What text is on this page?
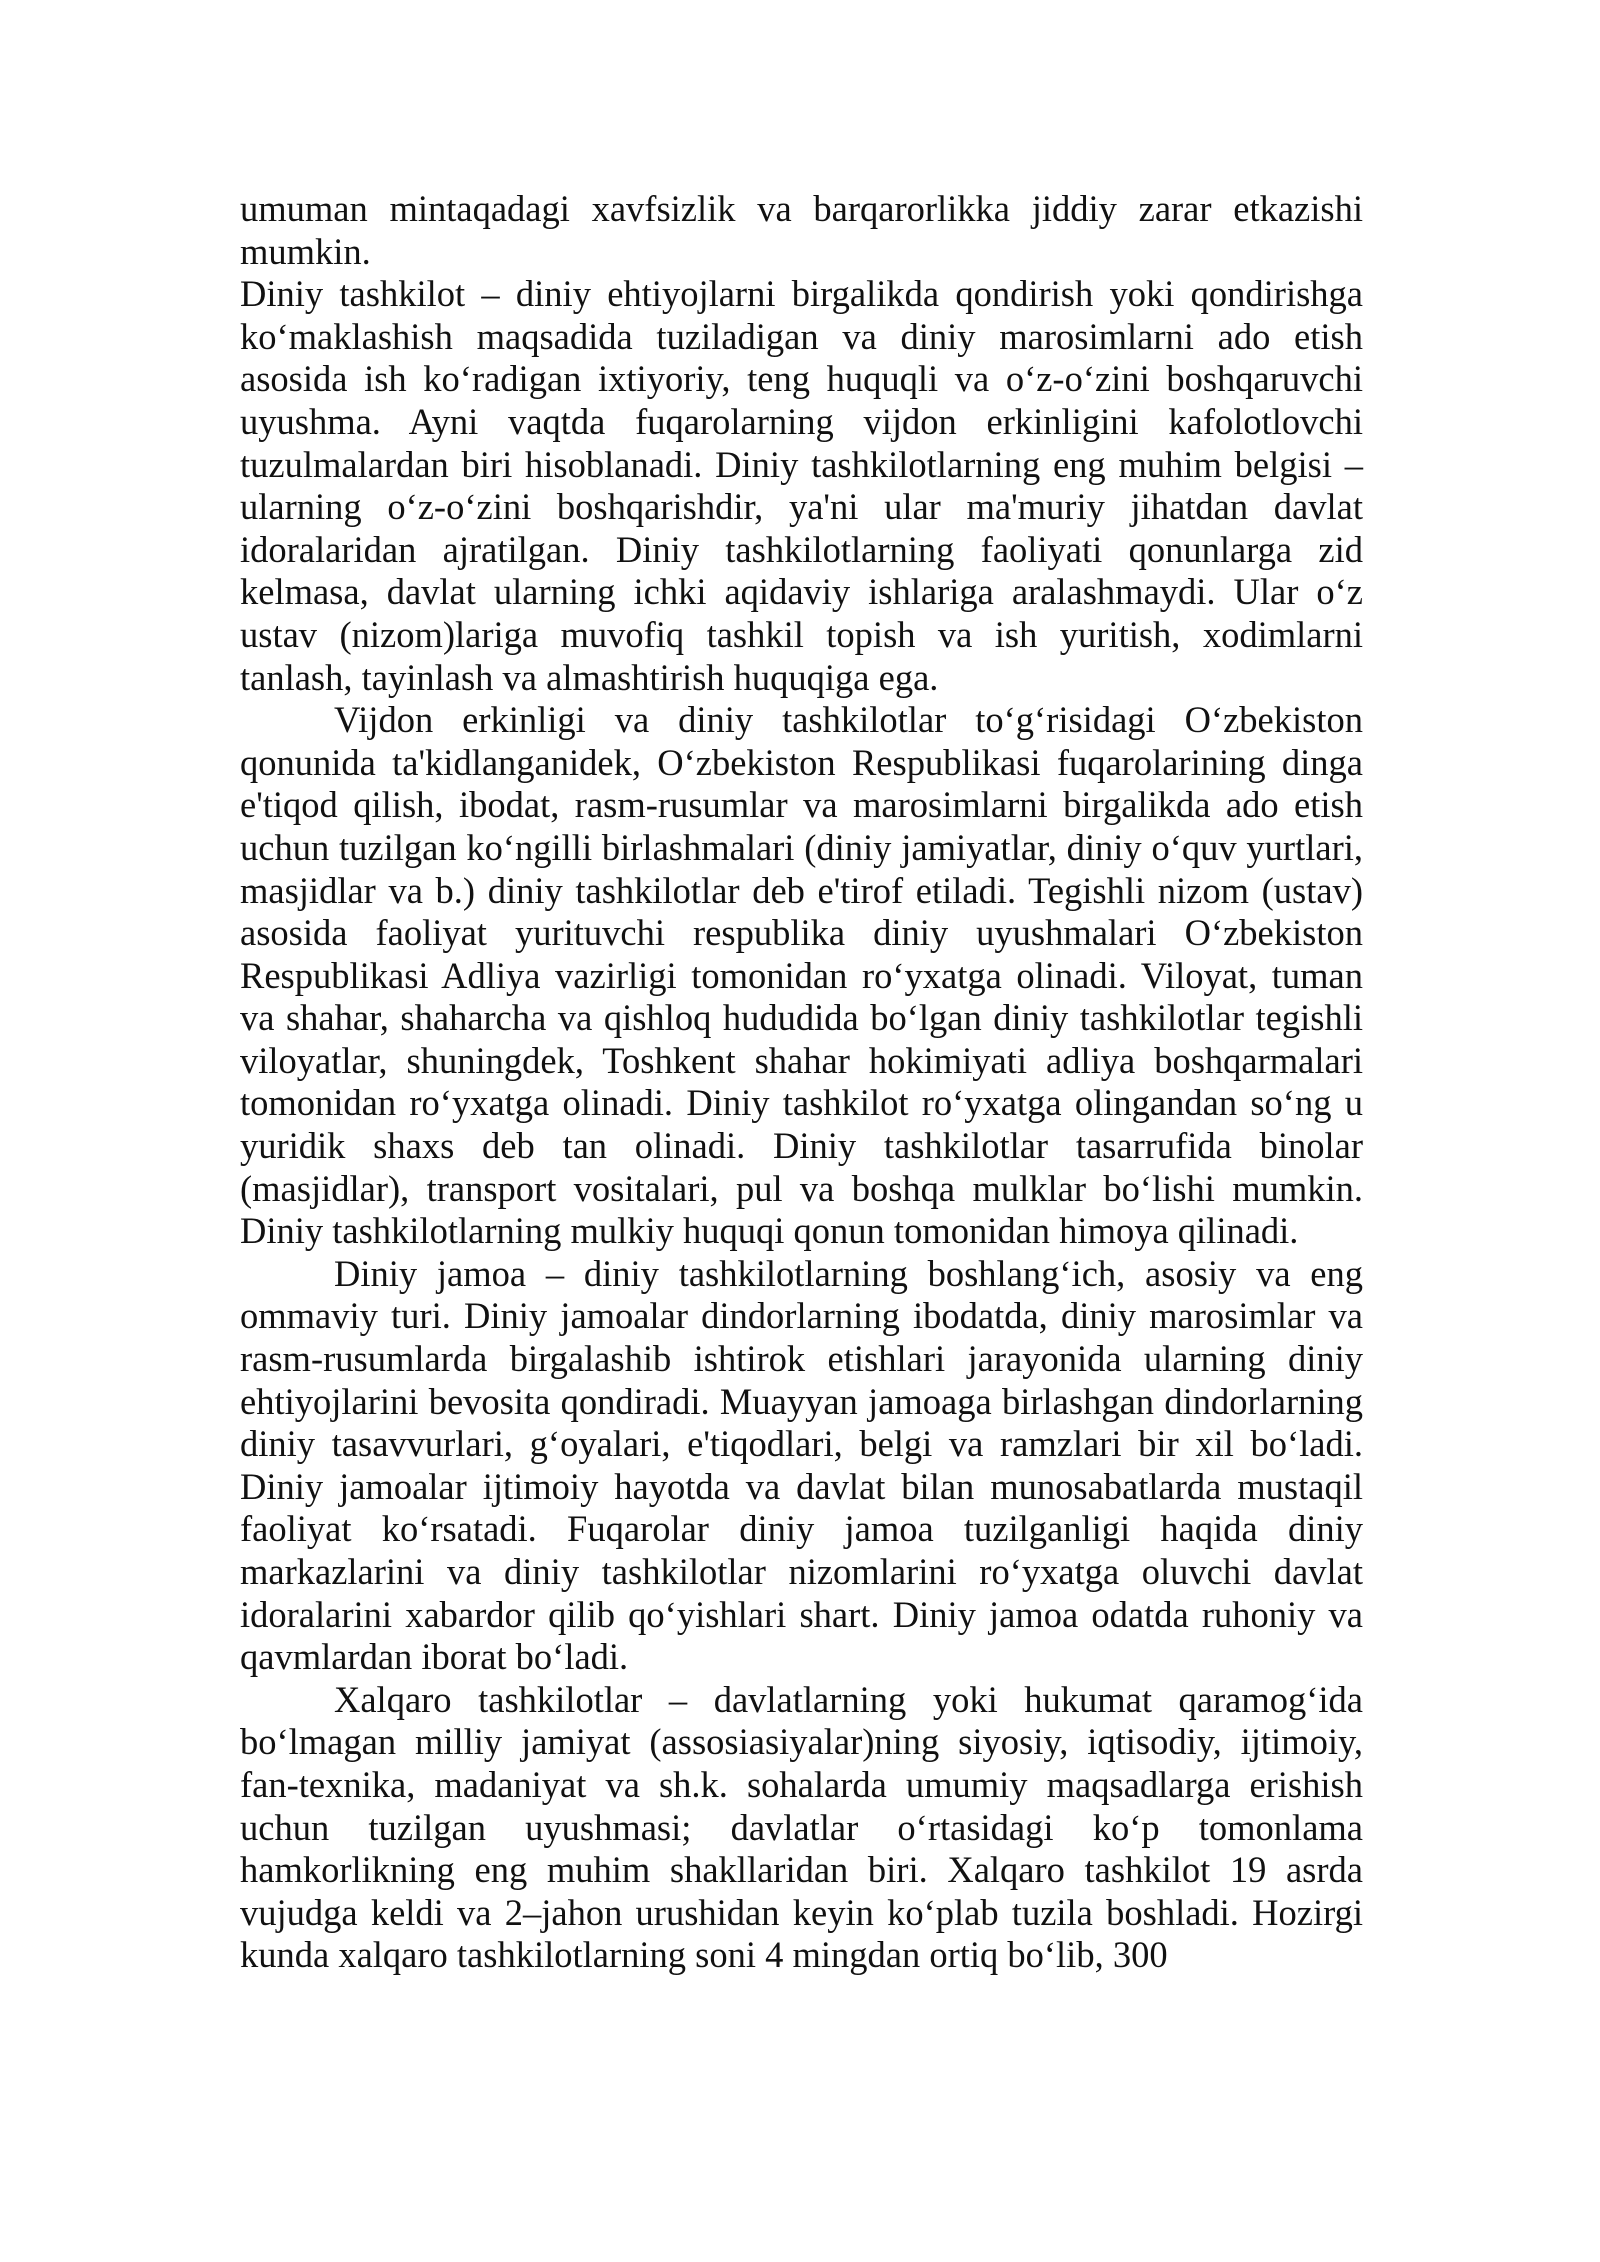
umuman mintaqadagi xavfsizlik va barqarorlikka jiddiy zarar etkazishi mumkin.

Diniy tashkilot – diniy ehtiyojlarni birgalikda qondirish yoki qondirishga ko‘maklashish maqsadida tuziladigan va diniy marosimlarni ado etish asosida ish ko‘radigan ixtiyoriy, teng huquqli va o‘z-o‘zini boshqaruvchi uyushma. Ayni vaqtda fuqarolarning vijdon erkinligini kafolotlovchi tuzulmalardan biri hisoblanadi. Diniy tashkilotlarning eng muhim belgisi – ularning o‘z-o‘zini boshqarishdir, ya'ni ular ma'muriy jihatdan davlat idoralaridan ajratilgan. Diniy tashkilotlarning faoliyati qonunlarga zid kelmasa, davlat ularning ichki aqidaviy ishlariga aralashmaydi. Ular o‘z ustav (nizom)lariga muvofiq tashkil topish va ish yuritish, xodimlarni tanlash, tayinlash va almashtirish huquqiga ega.

Vijdon erkinligi va diniy tashkilotlar to‘g‘risidagi O‘zbekiston qonunida ta'kidlanganidek, O‘zbekiston Respublikasi fuqarolarining dinga e'tiqod qilish, ibodat, rasm-rusumlar va marosimlarni birgalikda ado etish uchun tuzilgan ko‘ngilli birlashmalari (diniy jamiyatlar, diniy o‘quv yurtlari, masjidlar va b.) diniy tashkilotlar deb e'tirof etiladi. Tegishli nizom (ustav) asosida faoliyat yurituvchi respublika diniy uyushmalari O‘zbekiston Respublikasi Adliya vazirligi tomonidan ro‘yxatga olinadi. Viloyat, tuman va shahar, shaharcha va qishloq hududida bo‘lgan diniy tashkilotlar tegishli viloyatlar, shuningdek, Toshkent shahar hokimiyati adliya boshqarmalari tomonidan ro‘yxatga olinadi. Diniy tashkilot ro‘yxatga olingandan so‘ng u yuridik shaxs deb tan olinadi. Diniy tashkilotlar tasarrufida binolar (masjidlar), transport vositalari, pul va boshqa mulklar bo‘lishi mumkin. Diniy tashkilotlarning mulkiy huquqi qonun tomonidan himoya qilinadi.

Diniy jamoa – diniy tashkilotlarning boshlang‘ich, asosiy va eng ommaviy turi. Diniy jamoalar dindorlarning ibodatda, diniy marosimlar va rasm-rusumlarda birgalashib ishtirok etishlari jarayonida ularning diniy ehtiyojlarini bevosita qondiradi. Muayyan jamoaga birlashgan dindorlarning diniy tasavvurlari, g‘oyalari, e'tiqodlari, belgi va ramzlari bir xil bo‘ladi. Diniy jamoalar ijtimoiy hayotda va davlat bilan munosabatlarda mustaqil faoliyat ko‘rsatadi. Fuqarolar diniy jamoa tuzilganligi haqida diniy markazlarini va diniy tashkilotlar nizomlarini ro‘yxatga oluvchi davlat idoralarini xabardor qilib qo‘yishlari shart. Diniy jamoa odatda ruhoniy va qavmlardan iborat bo‘ladi.

Xalqaro tashkilotlar – davlatlarning yoki hukumat qaramog‘ida bo‘lmagan milliy jamiyat (assosiasiyalar)ning siyosiy, iqtisodiy, ijtimoiy, fan-texnika, madaniyat va sh.k. sohalarda umumiy maqsadlarga erishish uchun tuzilgan uyushmasi; davlatlar o‘rtasidagi ko‘p tomonlama hamkorlikning eng muhim shakllaridan biri. Xalqaro tashkilot 19 asrda vujudga keldi va 2–jahon urushidan keyin ko‘plab tuzila boshladi. Hozirgi kunda xalqaro tashkilotlarning soni 4 mingdan ortiq bo‘lib, 300
